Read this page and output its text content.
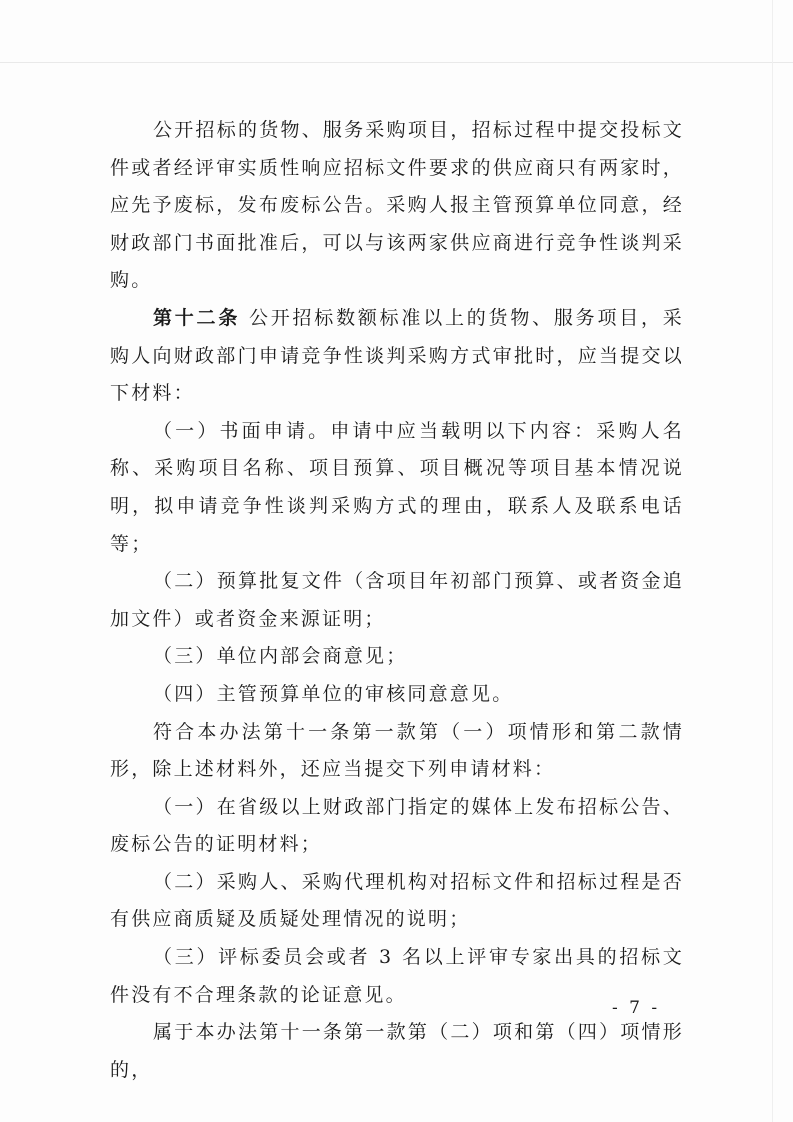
公开招标的货物、服务采购项目，招标过程中提交投标文件或者经评审实质性响应招标文件要求的供应商只有两家时，应先予废标，发布废标公告。采购人报主管预算单位同意，经财政部门书面批准后，可以与该两家供应商进行竞争性谈判采购。

第十二条 公开招标数额标准以上的货物、服务项目，采购人向财政部门申请竞争性谈判采购方式审批时，应当提交以下材料：

（一）书面申请。申请中应当载明以下内容：采购人名称、采购项目名称、项目预算、项目概况等项目基本情况说明，拟申请竞争性谈判采购方式的理由，联系人及联系电话等；

（二）预算批复文件（含项目年初部门预算、或者资金追加文件）或者资金来源证明；

（三）单位内部会商意见；

（四）主管预算单位的审核同意意见。

符合本办法第十一条第一款第（一）项情形和第二款情形，除上述材料外，还应当提交下列申请材料：

（一）在省级以上财政部门指定的媒体上发布招标公告、废标公告的证明材料；

（二）采购人、采购代理机构对招标文件和招标过程是否有供应商质疑及质疑处理情况的说明；

（三）评标委员会或者 3 名以上评审专家出具的招标文件没有不合理条款的论证意见。

属于本办法第十一条第一款第（二）项和第（四）项情形的，

- 7 -
